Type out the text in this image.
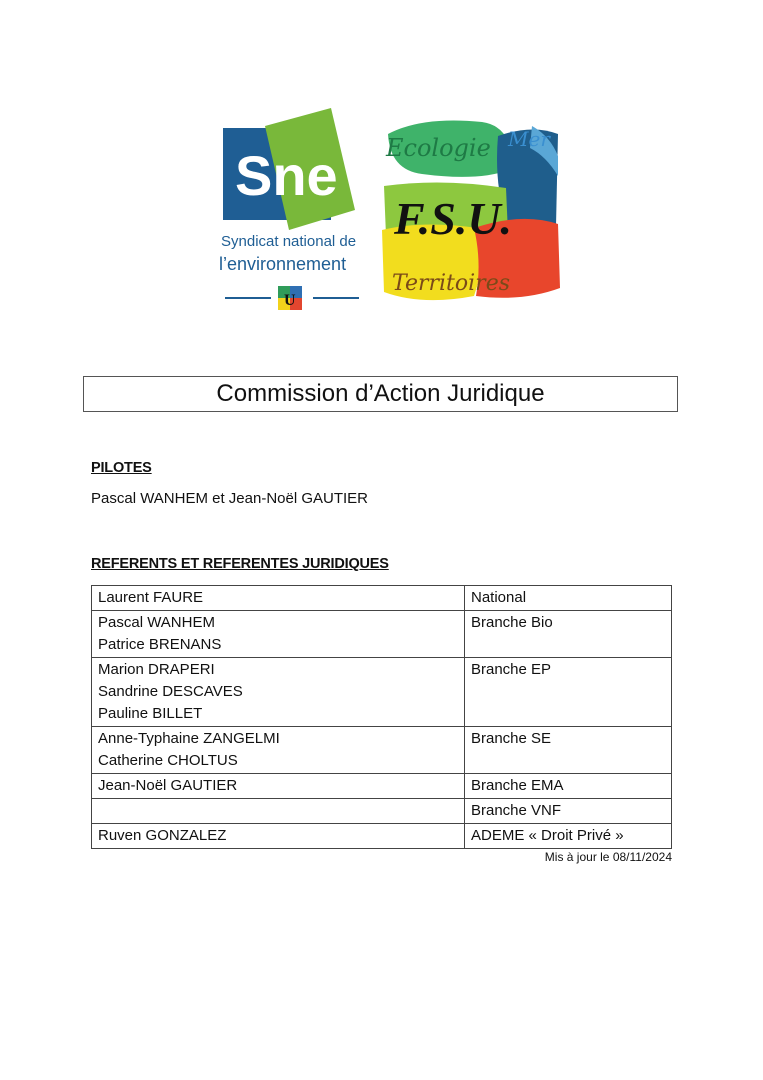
Sne
Syndicat national de
l’environnement
U
Ecologie Mer
F.S.U.
Territoires
Commission d’Action Juridique
PILOTES
Pascal WANHEM et Jean-Noël GAUTIER
REFERENTS ET REFERENTES JURIDIQUES
Laurent FAURE	National

Pascal WANHEM
Patrice BRENANS	Branche Bio

Marion DRAPERI
Sandrine DESCAVES
Pauline BILLET	Branche EP

Anne-Typhaine ZANGELMI
Catherine CHOLTUS	Branche SE

Jean-Noël GAUTIER	Branche EMA

	Branche VNF

Ruven GONZALEZ	ADEME « Droit Privé »
Mis à jour le 08/11/2024
